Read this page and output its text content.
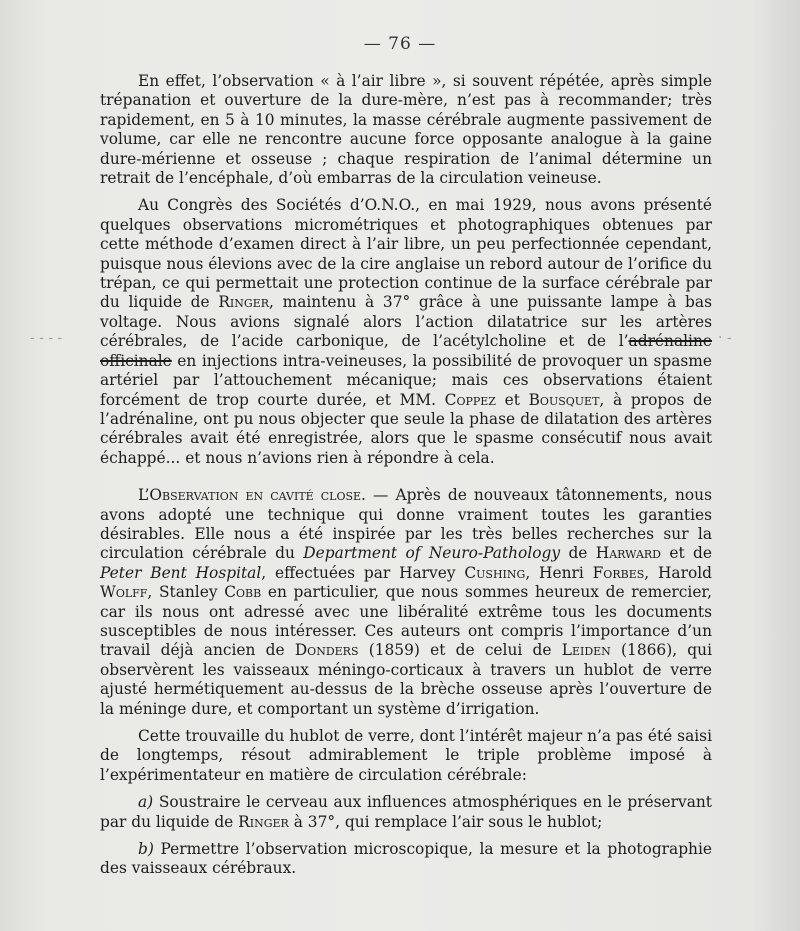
— 76 —
- - - -	· -

En effet, l’observation « à l’air libre », si souvent répétée, après simple trépanation et ouverture de la dure-mère, n’est pas à recommander; très rapidement, en 5 à 10 minutes, la masse cérébrale augmente passivement de volume, car elle ne rencontre aucune force opposante analogue à la gaine dure-mérienne et osseuse ; chaque respiration de l’animal détermine un retrait de l’encéphale, d’où embarras de la circulation veineuse.

Au Congrès des Sociétés d’O.N.O., en mai 1929, nous avons présenté quelques observations micrométriques et photographiques obtenues par cette méthode d’examen direct à l’air libre, un peu perfectionnée cependant, puisque nous élevions avec de la cire anglaise un rebord autour de l’orifice du trépan, ce qui permettait une protection continue de la surface cérébrale par du liquide de Ringer, maintenu à 37° grâce à une puissante lampe à bas voltage. Nous avions signalé alors l’action dilatatrice sur les artères cérébrales, de l’acide carbonique, de l’acétylcholine et de l’adrénaline officinale en injections intra-veineuses, la possibilité de provoquer un spasme artériel par l’attouchement mécanique; mais ces observations étaient forcément de trop courte durée, et MM. Coppez et Bousquet, à propos de l’adrénaline, ont pu nous objecter que seule la phase de dilatation des artères cérébrales avait été enregistrée, alors que le spasme consécutif nous avait échappé... et nous n’avions rien à répondre à cela.

L’Observation en cavité close. — Après de nouveaux tâtonnements, nous avons adopté une technique qui donne vraiment toutes les garanties désirables. Elle nous a été inspirée par les très belles recherches sur la circulation cérébrale du Department of Neuro-Pathology de Harward et de Peter Bent Hospital, effectuées par Harvey Cushing, Henri Forbes, Harold Wolff, Stanley Cobb en particulier, que nous sommes heureux de remercier, car ils nous ont adressé avec une libéralité extrême tous les documents susceptibles de nous intéresser. Ces auteurs ont compris l’importance d’un travail déjà ancien de Donders (1859) et de celui de Leiden (1866), qui observèrent les vaisseaux méningo-corticaux à travers un hublot de verre ajusté hermétiquement au-dessus de la brèche osseuse après l’ouverture de la méninge dure, et comportant un système d’irrigation.

Cette trouvaille du hublot de verre, dont l’intérêt majeur n’a pas été saisi de longtemps, résout admirablement le triple problème imposé à l’expérimentateur en matière de circulation cérébrale:

a) Soustraire le cerveau aux influences atmosphériques en le préservant par du liquide de Ringer à 37°, qui remplace l’air sous le hublot;

b) Permettre l’observation microscopique, la mesure et la photographie des vaisseaux cérébraux.
